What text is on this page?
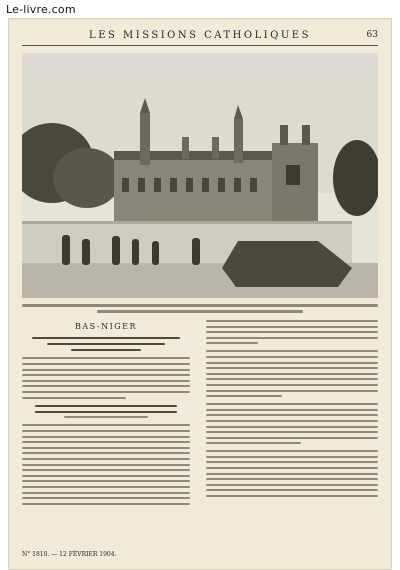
Le-livre.com
LES MISSIONS CATHOLIQUES	63
BAS-NIGER
N° 1810. — 12 FÉVRIER 1904.
